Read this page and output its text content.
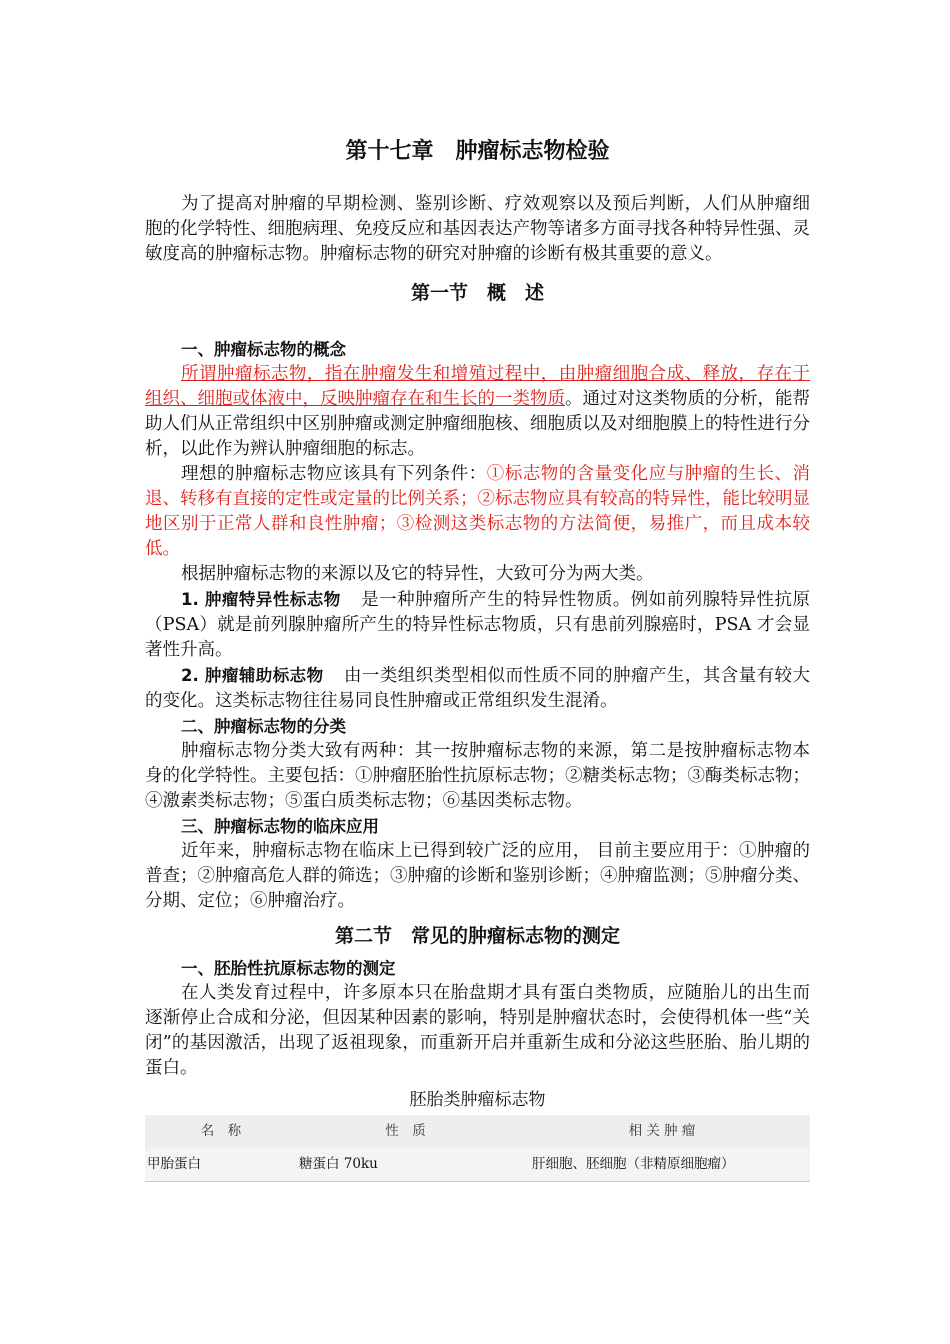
第十七章　肿瘤标志物检验

为了提高对肿瘤的早期检测、鉴别诊断、疗效观察以及预后判断，人们从肿瘤细胞的化学特性、细胞病理、免疫反应和基因表达产物等诸多方面寻找各种特异性强、灵敏度高的肿瘤标志物。肿瘤标志物的研究对肿瘤的诊断有极其重要的意义。

第一节　概　述
一、肿瘤标志物的概念

所谓肿瘤标志物，指在肿瘤发生和增殖过程中，由肿瘤细胞合成、释放，存在于组织、细胞或体液中，反映肿瘤存在和生长的一类物质。通过对这类物质的分析，能帮助人们从正常组织中区别肿瘤或测定肿瘤细胞核、细胞质以及对细胞膜上的特性进行分析，以此作为辨认肿瘤细胞的标志。

理想的肿瘤标志物应该具有下列条件：①标志物的含量变化应与肿瘤的生长、消退、转移有直接的定性或定量的比例关系；②标志物应具有较高的特异性，能比较明显地区别于正常人群和良性肿瘤；③检测这类标志物的方法简便，易推广，而且成本较低。

根据肿瘤标志物的来源以及它的特异性，大致可分为两大类。

1. 肿瘤特异性标志物 是一种肿瘤所产生的特异性物质。例如前列腺特异性抗原（PSA）就是前列腺肿瘤所产生的特异性标志物质，只有患前列腺癌时，PSA 才会显著性升高。

2. 肿瘤辅助标志物 由一类组织类型相似而性质不同的肿瘤产生，其含量有较大的变化。这类标志物往往易同良性肿瘤或正常组织发生混淆。

二、肿瘤标志物的分类

肿瘤标志物分类大致有两种：其一按肿瘤标志物的来源，第二是按肿瘤标志物本身的化学特性。主要包括：①肿瘤胚胎性抗原标志物；②糖类标志物；③酶类标志物；④激素类标志物；⑤蛋白质类标志物；⑥基因类标志物。

三、肿瘤标志物的临床应用

近年来，肿瘤标志物在临床上已得到较广泛的应用， 目前主要应用于：①肿瘤的普查；②肿瘤高危人群的筛选；③肿瘤的诊断和鉴别诊断；④肿瘤监测；⑤肿瘤分类、分期、定位；⑥肿瘤治疗。

第二节　常见的肿瘤标志物的测定
一、胚胎性抗原标志物的测定

在人类发育过程中，许多原本只在胎盘期才具有蛋白类物质，应随胎儿的出生而逐渐停止合成和分泌，但因某种因素的影响，特别是肿瘤状态时，会使得机体一些“关闭”的基因激活，出现了返祖现象，而重新开启并重新生成和分泌这些胚胎、胎儿期的蛋白。

胚胎类肿瘤标志物
名　称	性　质	相 关 肿 瘤
甲胎蛋白	糖蛋白 70ku	肝细胞、胚细胞（非精原细胞瘤）
